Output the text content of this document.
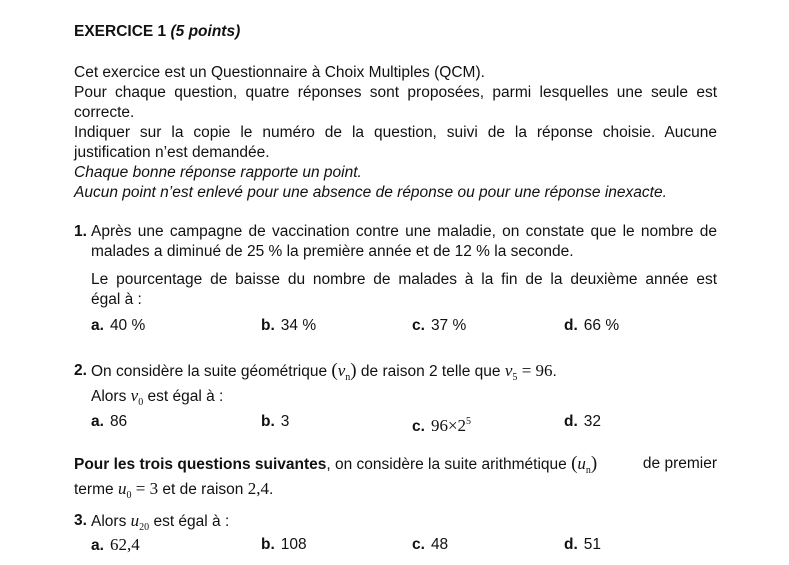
EXERCICE 1 (5 points)
Cet exercice est un Questionnaire à Choix Multiples (QCM).
Pour chaque question, quatre réponses sont proposées, parmi lesquelles une seule est
correcte.
Indiquer sur la copie le numéro de la question, suivi de la réponse choisie. Aucune
justification n’est demandée.
Chaque bonne réponse rapporte un point.
Aucun point n’est enlevé pour une absence de réponse ou pour une réponse inexacte.
1. Après une campagne de vaccination contre une maladie, on constate que le nombre de
malades a diminué de 25 % la première année et de 12 % la seconde.
Le pourcentage de baisse du nombre de malades à la fin de la deuxième année est
égal à :
a. 40 %	b. 34 %	c. 37 %	d. 66 %
2. On considère la suite géométrique $(v_n)$ de raison 2 telle que $v_5 = 96$.
Alors $v_0$ est égal à :
a. 86	b. 3	c. $96\times 2^5$	d. 32
Pour les trois questions suivantes, on considère la suite arithmétique $(u_n)$	de premier
terme $u_0 = 3$ et de raison 2,4.
3. Alors $u_{20}$ est égal à :
a. 62,4	b. 108	c. 48	d. 51
